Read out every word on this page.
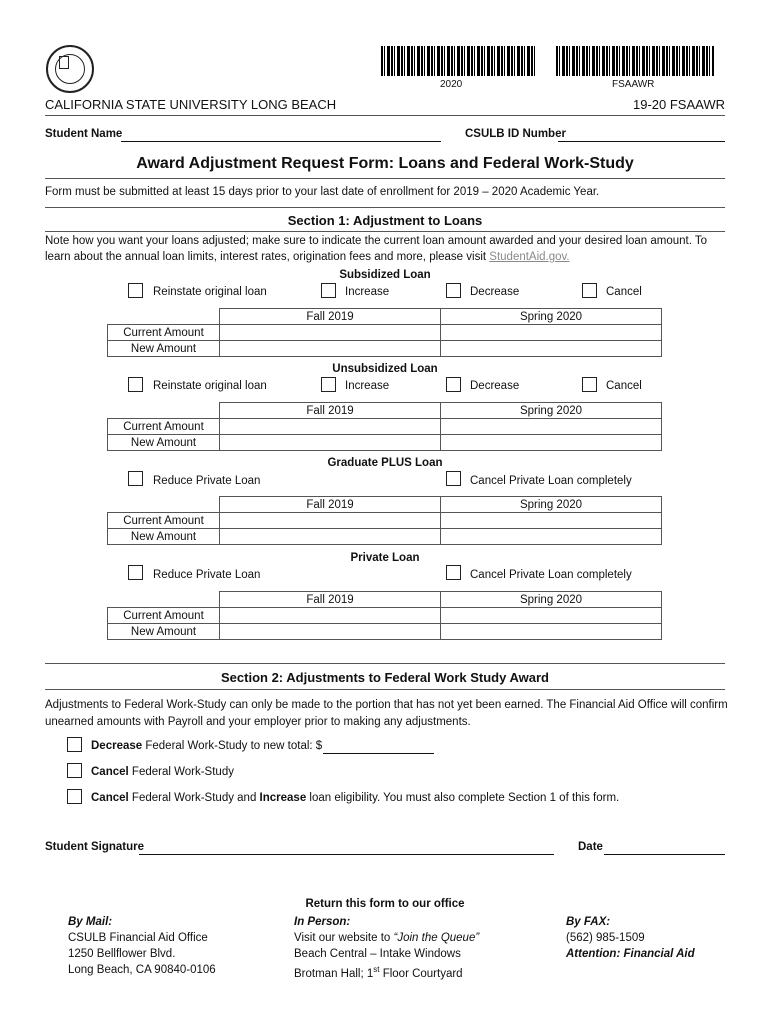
2020	FSAAWR
CALIFORNIA STATE UNIVERSITY LONG BEACH	19-20 FSAAWR
Student Name	CSULB ID Number
Award Adjustment Request Form: Loans and Federal Work-Study
Form must be submitted at least 15 days prior to your last date of enrollment for 2019 – 2020 Academic Year.
Section 1: Adjustment to Loans
Note how you want your loans adjusted; make sure to indicate the current loan amount awarded and your desired loan amount. To learn about the annual loan limits, interest rates, origination fees and more, please visit StudentAid.gov.
Subsidized Loan
Reinstate original loan	Increase	Decrease	Cancel
	Fall 2019	Spring 2020
Current Amount		
New Amount		
Unsubsidized Loan
Reinstate original loan	Increase	Decrease	Cancel
	Fall 2019	Spring 2020
Current Amount		
New Amount		
Graduate PLUS Loan
Reduce Private Loan	Cancel Private Loan completely
	Fall 2019	Spring 2020
Current Amount		
New Amount		
Private Loan
Reduce Private Loan	Cancel Private Loan completely
	Fall 2019	Spring 2020
Current Amount		
New Amount		
Section 2: Adjustments to Federal Work Study Award
Adjustments to Federal Work-Study can only be made to the portion that has not yet been earned. The Financial Aid Office will confirm unearned amounts with Payroll and your employer prior to making any adjustments.
Decrease Federal Work-Study to new total: $
Cancel Federal Work-Study
Cancel Federal Work-Study and Increase loan eligibility. You must also complete Section 1 of this form.
Student Signature	Date
Return this form to our office
By Mail:
CSULB Financial Aid Office
1250 Bellflower Blvd.
Long Beach, CA 90840-0106
In Person:
Visit our website to “Join the Queue”
Beach Central – Intake Windows
Brotman Hall; 1st Floor Courtyard
By FAX:
(562) 985-1509
Attention: Financial Aid
